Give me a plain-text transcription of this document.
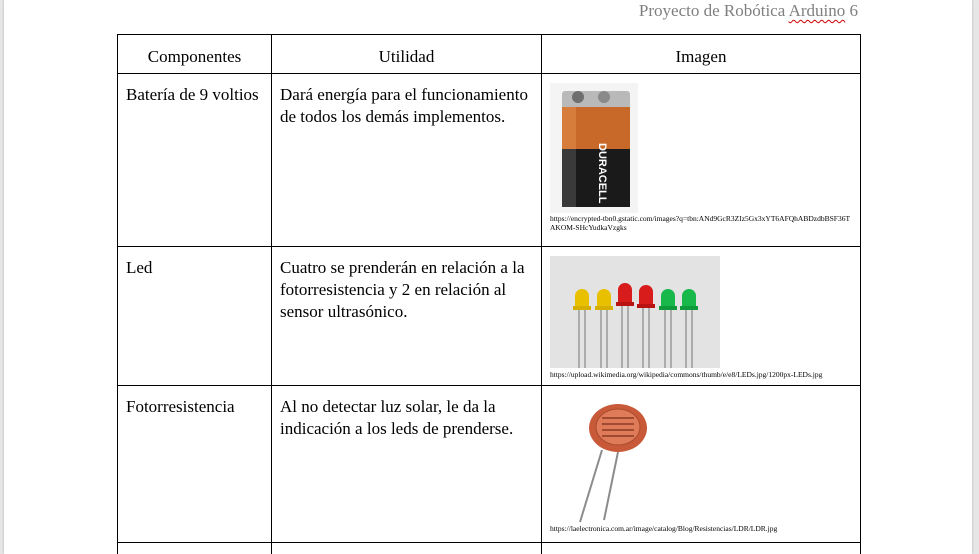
Proyecto de Robótica Arduino 6
Componentes	Utilidad	Imagen

Batería de 9 voltios	Dará energía para el funcionamiento de todos los demás implementos.	DURACELL
https://encrypted-tbn0.gstatic.com/images?q=tbn:ANd9GcR3ZIz5Gx3xYT6AFQhABDzdbBSF36TAKOM-SHcYudkaVzgks

Led	Cuatro se prenderán en relación a la fotorresistencia y 2 en relación al sensor ultrasónico.	https://upload.wikimedia.org/wikipedia/commons/thumb/e/e8/LEDs.jpg/1200px-LEDs.jpg

Fotorresistencia	Al no detectar luz solar, le da la indicación a los leds de prenderse.	https://laelectronica.com.ar/image/catalog/Blog/Resistencias/LDR/LDR.jpg
